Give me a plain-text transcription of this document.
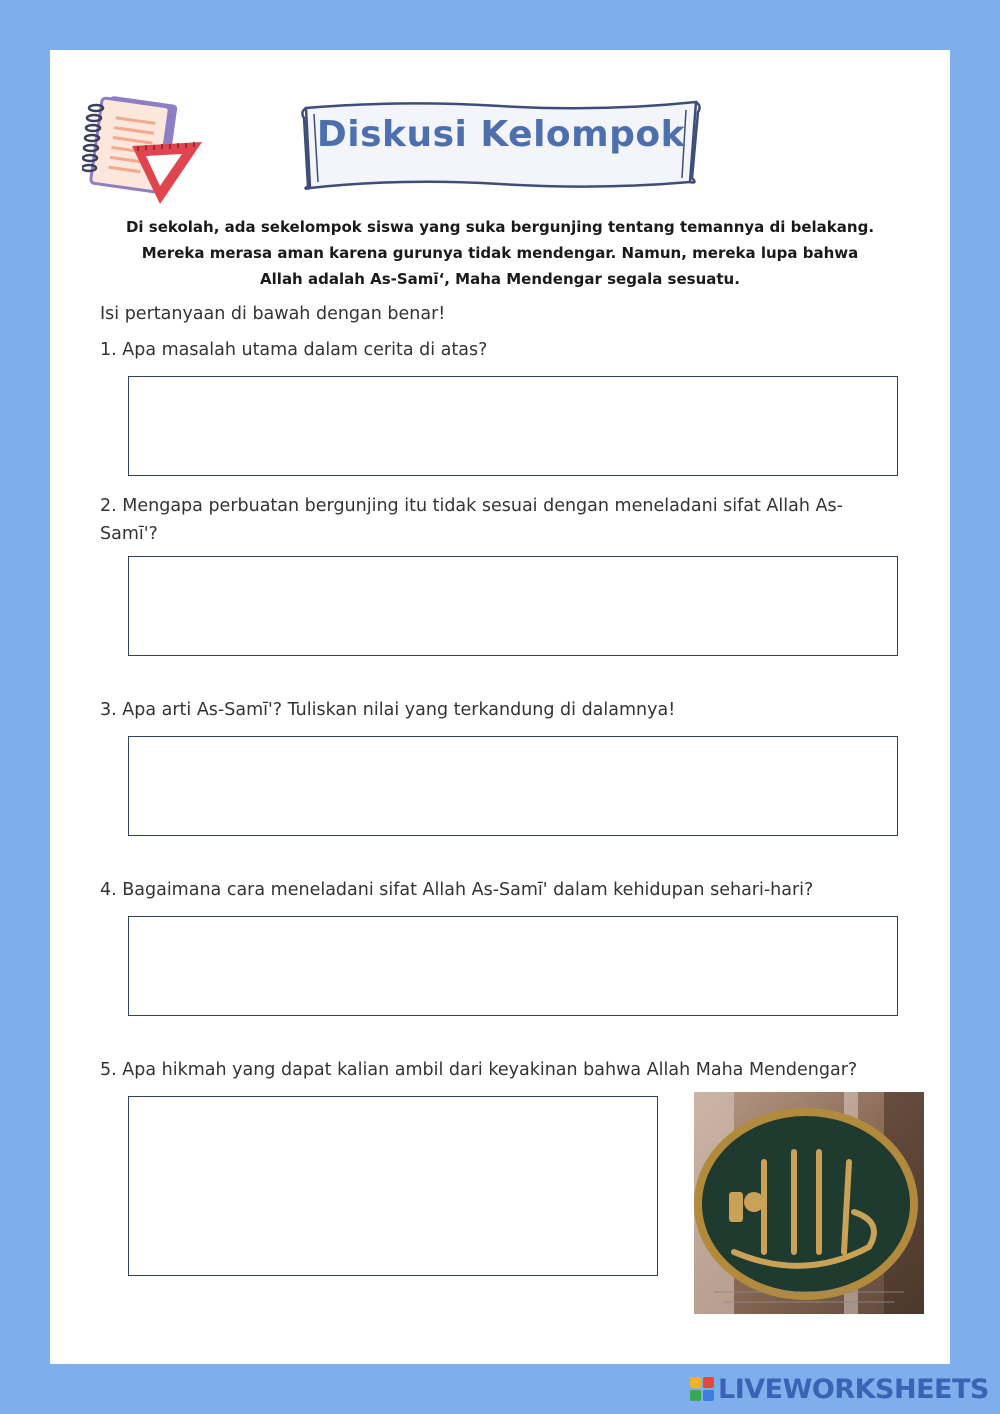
Diskusi Kelompok
Di sekolah, ada sekelompok siswa yang suka bergunjing tentang temannya di belakang.
Mereka merasa aman karena gurunya tidak mendengar. Namun, mereka lupa bahwa
Allah adalah As-Samī‘, Maha Mendengar segala sesuatu.
Isi pertanyaan di bawah dengan benar!
1. Apa masalah utama dalam cerita di atas?
2. Mengapa perbuatan bergunjing itu tidak sesuai dengan meneladani sifat Allah As-Samī'?
3. Apa arti As-Samī'? Tuliskan nilai yang terkandung di dalamnya!
4. Bagaimana cara meneladani sifat Allah As-Samī' dalam kehidupan sehari-hari?
5. Apa hikmah yang dapat kalian ambil dari keyakinan bahwa Allah Maha Mendengar?
LIVEWORKSHEETS
